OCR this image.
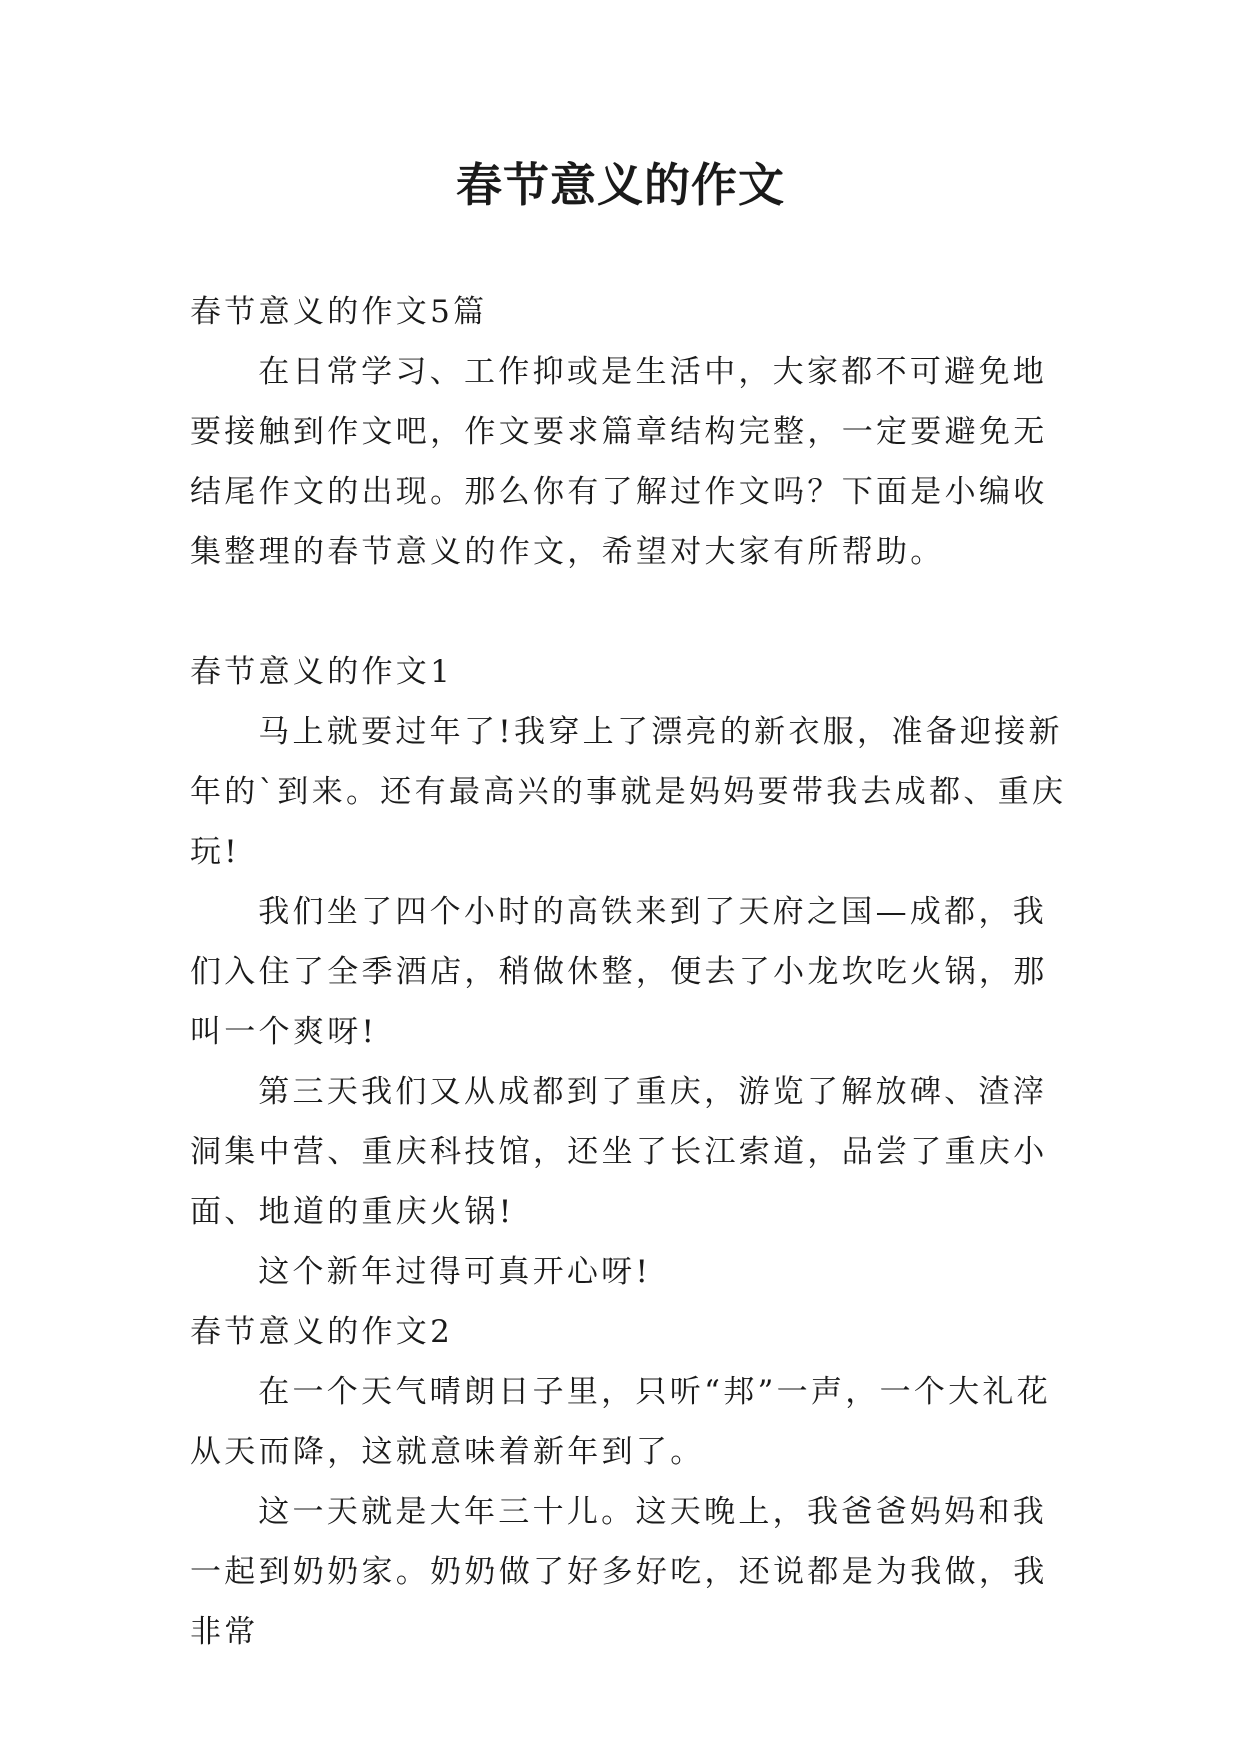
春节意义的作文

春节意义的作文5篇

在日常学习、工作抑或是生活中，大家都不可避免地要接触到作文吧，作文要求篇章结构完整，一定要避免无结尾作文的出现。那么你有了解过作文吗？下面是小编收集整理的春节意义的作文，希望对大家有所帮助。

春节意义的作文1

马上就要过年了!我穿上了漂亮的新衣服，准备迎接新年的`到来。还有最高兴的事就是妈妈要带我去成都、重庆玩!

我们坐了四个小时的高铁来到了天府之国—成都，我们入住了全季酒店，稍做休整，便去了小龙坎吃火锅，那叫一个爽呀!

第三天我们又从成都到了重庆，游览了解放碑、渣滓洞集中营、重庆科技馆，还坐了长江索道，品尝了重庆小面、地道的重庆火锅!

这个新年过得可真开心呀!

春节意义的作文2

在一个天气晴朗日子里，只听“邦”一声，一个大礼花从天而降，这就意味着新年到了。

这一天就是大年三十儿。这天晚上，我爸爸妈妈和我一起到奶奶家。奶奶做了好多好吃，还说都是为我做，我非常
